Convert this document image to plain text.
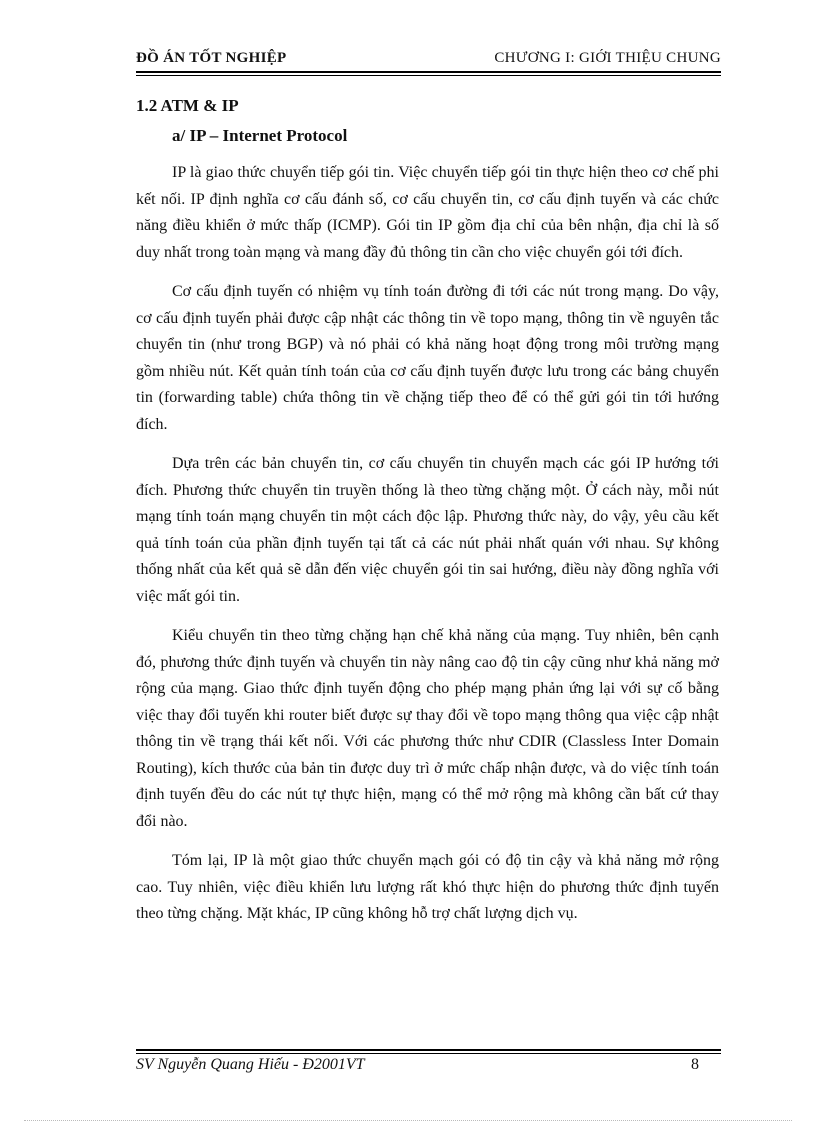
ĐỒ ÁN TỐT NGHIỆP	CHƯƠNG I: GIỚI THIỆU CHUNG
1.2 ATM & IP
a/ IP – Internet Protocol

IP là giao thức chuyển tiếp gói tin. Việc chuyển tiếp gói tin thực hiện theo cơ chế phi kết nối. IP định nghĩa cơ cấu đánh số, cơ cấu chuyển tin, cơ cấu định tuyến và các chức năng điều khiển ở mức thấp (ICMP). Gói tin IP gồm địa chỉ của bên nhận, địa chỉ là số duy nhất trong toàn mạng và mang đầy đủ thông tin cần cho việc chuyển gói tới đích.

Cơ cấu định tuyến có nhiệm vụ tính toán đường đi tới các nút trong mạng. Do vậy, cơ cấu định tuyến phải được cập nhật các thông tin về topo mạng, thông tin về nguyên tắc chuyển tin (như trong BGP) và nó phải có khả năng hoạt động trong môi trường mạng gồm nhiều nút. Kết quản tính toán của cơ cấu định tuyến được lưu trong các bảng chuyển tin (forwarding table) chứa thông tin về chặng tiếp theo để có thể gửi gói tin tới hướng đích.

Dựa trên các bản chuyển tin, cơ cấu chuyển tin chuyển mạch các gói IP hướng tới đích. Phương thức chuyển tin truyền thống là theo từng chặng một. Ở cách này, mỗi nút mạng tính toán mạng chuyển tin một cách độc lập. Phương thức này, do vậy, yêu cầu kết quả tính toán của phần định tuyến tại tất cả các nút phải nhất quán với nhau. Sự không thống nhất của kết quả sẽ dẫn đến việc chuyển gói tin sai hướng, điều này đồng nghĩa với việc mất gói tin.

Kiểu chuyển tin theo từng chặng hạn chế khả năng của mạng. Tuy nhiên, bên cạnh đó, phương thức định tuyến và chuyển tin này nâng cao độ tin cậy cũng như khả năng mở rộng của mạng. Giao thức định tuyến động cho phép mạng phản ứng lại với sự cố bằng việc thay đổi tuyến khi router biết được sự thay đổi về topo mạng thông qua việc cập nhật thông tin về trạng thái kết nối. Với các phương thức như CDIR (Classless Inter Domain Routing), kích thước của bản tin được duy trì ở mức chấp nhận được, và do việc tính toán định tuyến đều do các nút tự thực hiện, mạng có thể mở rộng mà không cần bất cứ thay đổi nào.

Tóm lại, IP là một giao thức chuyển mạch gói có độ tin cậy và khả năng mở rộng cao. Tuy nhiên, việc điều khiển lưu lượng rất khó thực hiện do phương thức định tuyến theo từng chặng. Mặt khác, IP cũng không hỗ trợ chất lượng dịch vụ.

SV Nguyễn Quang Hiếu - Đ2001VT	8
